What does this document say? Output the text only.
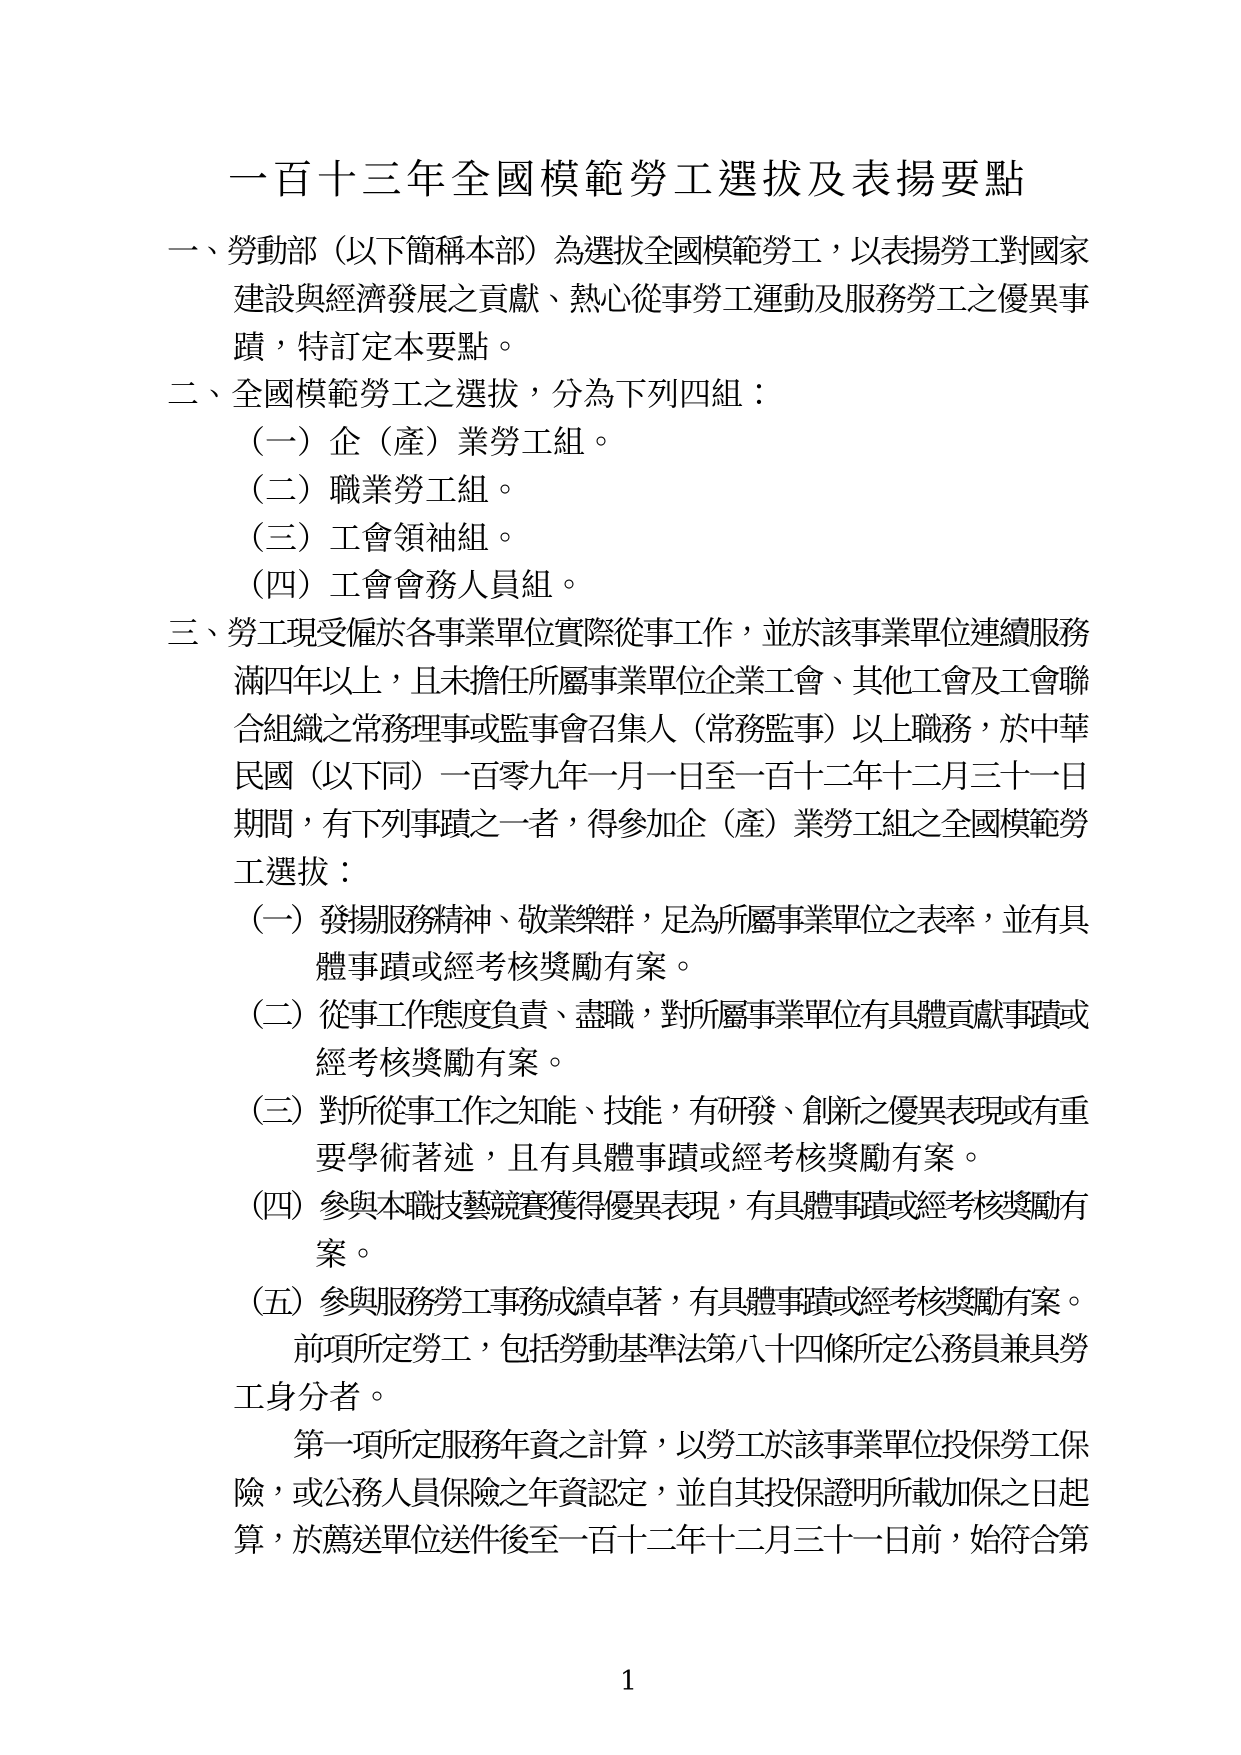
一百十三年全國模範勞工選拔及表揚要點
一、勞動部（以下簡稱本部）為選拔全國模範勞工，以表揚勞工對國家
建設與經濟發展之貢獻、熱心從事勞工運動及服務勞工之優異事
蹟，特訂定本要點。
二、全國模範勞工之選拔，分為下列四組：
（一）企（產）業勞工組。
（二）職業勞工組。
（三）工會領袖組。
（四）工會會務人員組。
三、勞工現受僱於各事業單位實際從事工作，並於該事業單位連續服務
滿四年以上，且未擔任所屬事業單位企業工會、其他工會及工會聯
合組織之常務理事或監事會召集人（常務監事）以上職務，於中華
民國（以下同）一百零九年一月一日至一百十二年十二月三十一日
期間，有下列事蹟之一者，得參加企（產）業勞工組之全國模範勞
工選拔：
（一）發揚服務精神、敬業樂群，足為所屬事業單位之表率，並有具
體事蹟或經考核獎勵有案。
（二）從事工作態度負責、盡職，對所屬事業單位有具體貢獻事蹟或
經考核獎勵有案。
（三）對所從事工作之知能、技能，有研發、創新之優異表現或有重
要學術著述，且有具體事蹟或經考核獎勵有案。
（四）參與本職技藝競賽獲得優異表現，有具體事蹟或經考核獎勵有
案。
（五）參與服務勞工事務成績卓著，有具體事蹟或經考核獎勵有案。
前項所定勞工，包括勞動基準法第八十四條所定公務員兼具勞
工身分者。
第一項所定服務年資之計算，以勞工於該事業單位投保勞工保
險，或公務人員保險之年資認定，並自其投保證明所載加保之日起
算，於薦送單位送件後至一百十二年十二月三十一日前，始符合第
1
